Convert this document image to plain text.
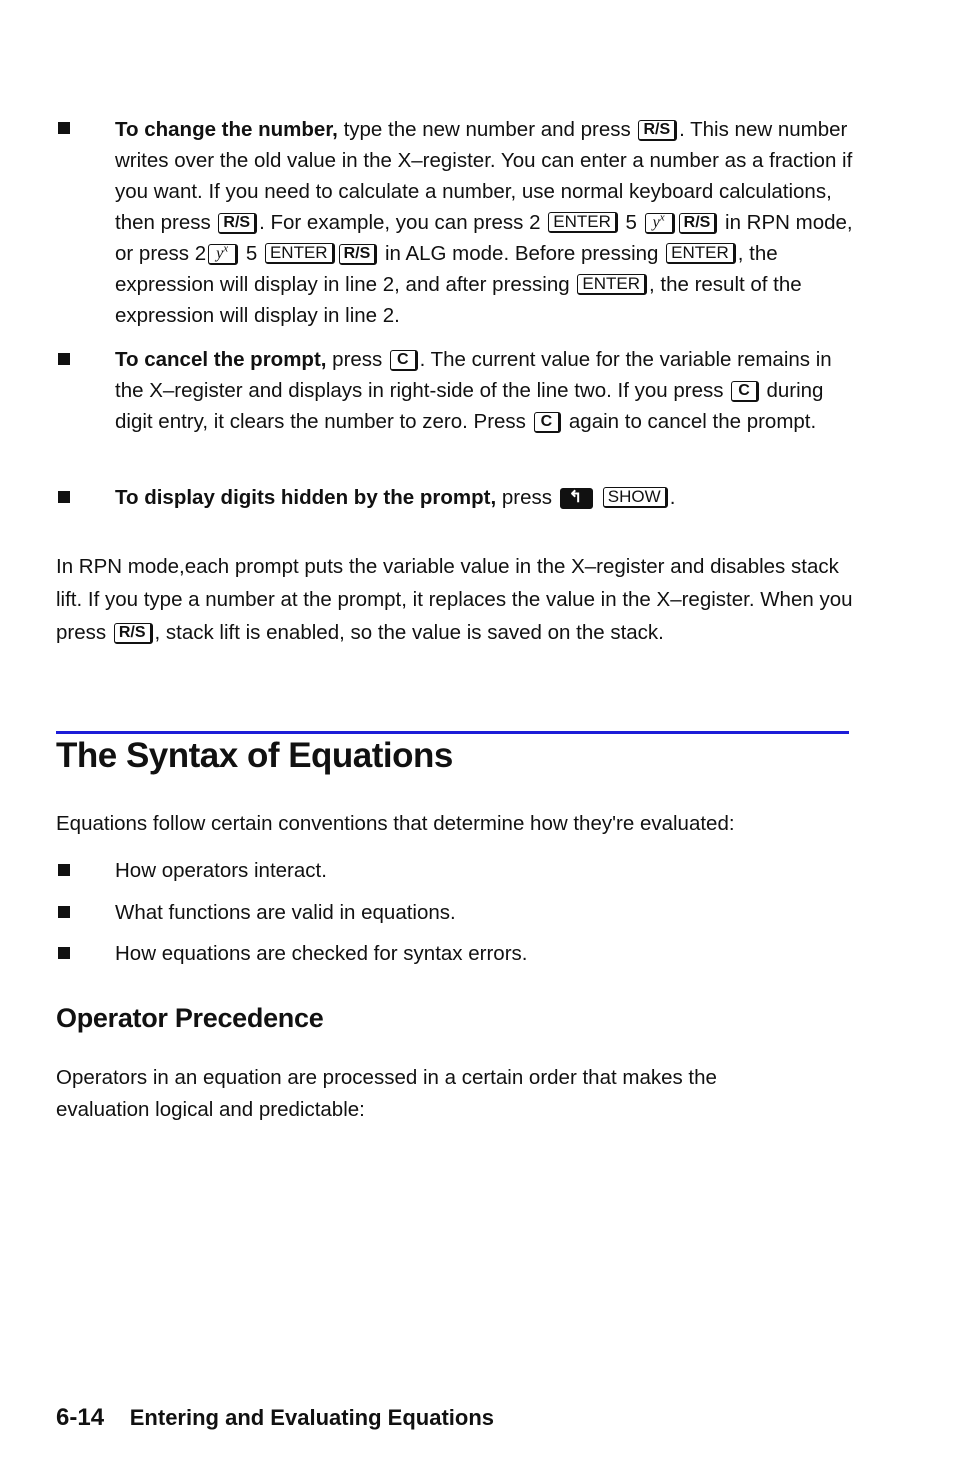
To change the number, type the new number and press R/S . This new number writes over the old value in the X–register. You can enter a number as a fraction if you want. If you need to calculate a number, use normal keyboard calculations, then press R/S . For example, you can press 2 ENTER 5 $y^x$ R/S in RPN mode, or press 2 $y^x$ 5 ENTER R/S in ALG mode. Before pressing ENTER , the expression will display in line 2, and after pressing ENTER , the result of the expression will display in line 2.
To cancel the prompt, press C . The current value for the variable remains in the X–register and displays in right-side of the line two. If you press C during digit entry, it clears the number to zero. Press C again to cancel the prompt.
To display digits hidden by the prompt, press ↰ SHOW .
In RPN mode,each prompt puts the variable value in the X–register and disables stack lift. If you type a number at the prompt, it replaces the value in the X–register. When you press R/S , stack lift is enabled, so the value is saved on the stack.
The Syntax of Equations
Equations follow certain conventions that determine how they're evaluated:
How operators interact.
What functions are valid in equations.
How equations are checked for syntax errors.
Operator Precedence
Operators in an equation are processed in a certain order that makes the evaluation logical and predictable:
6-14 Entering and Evaluating Equations
